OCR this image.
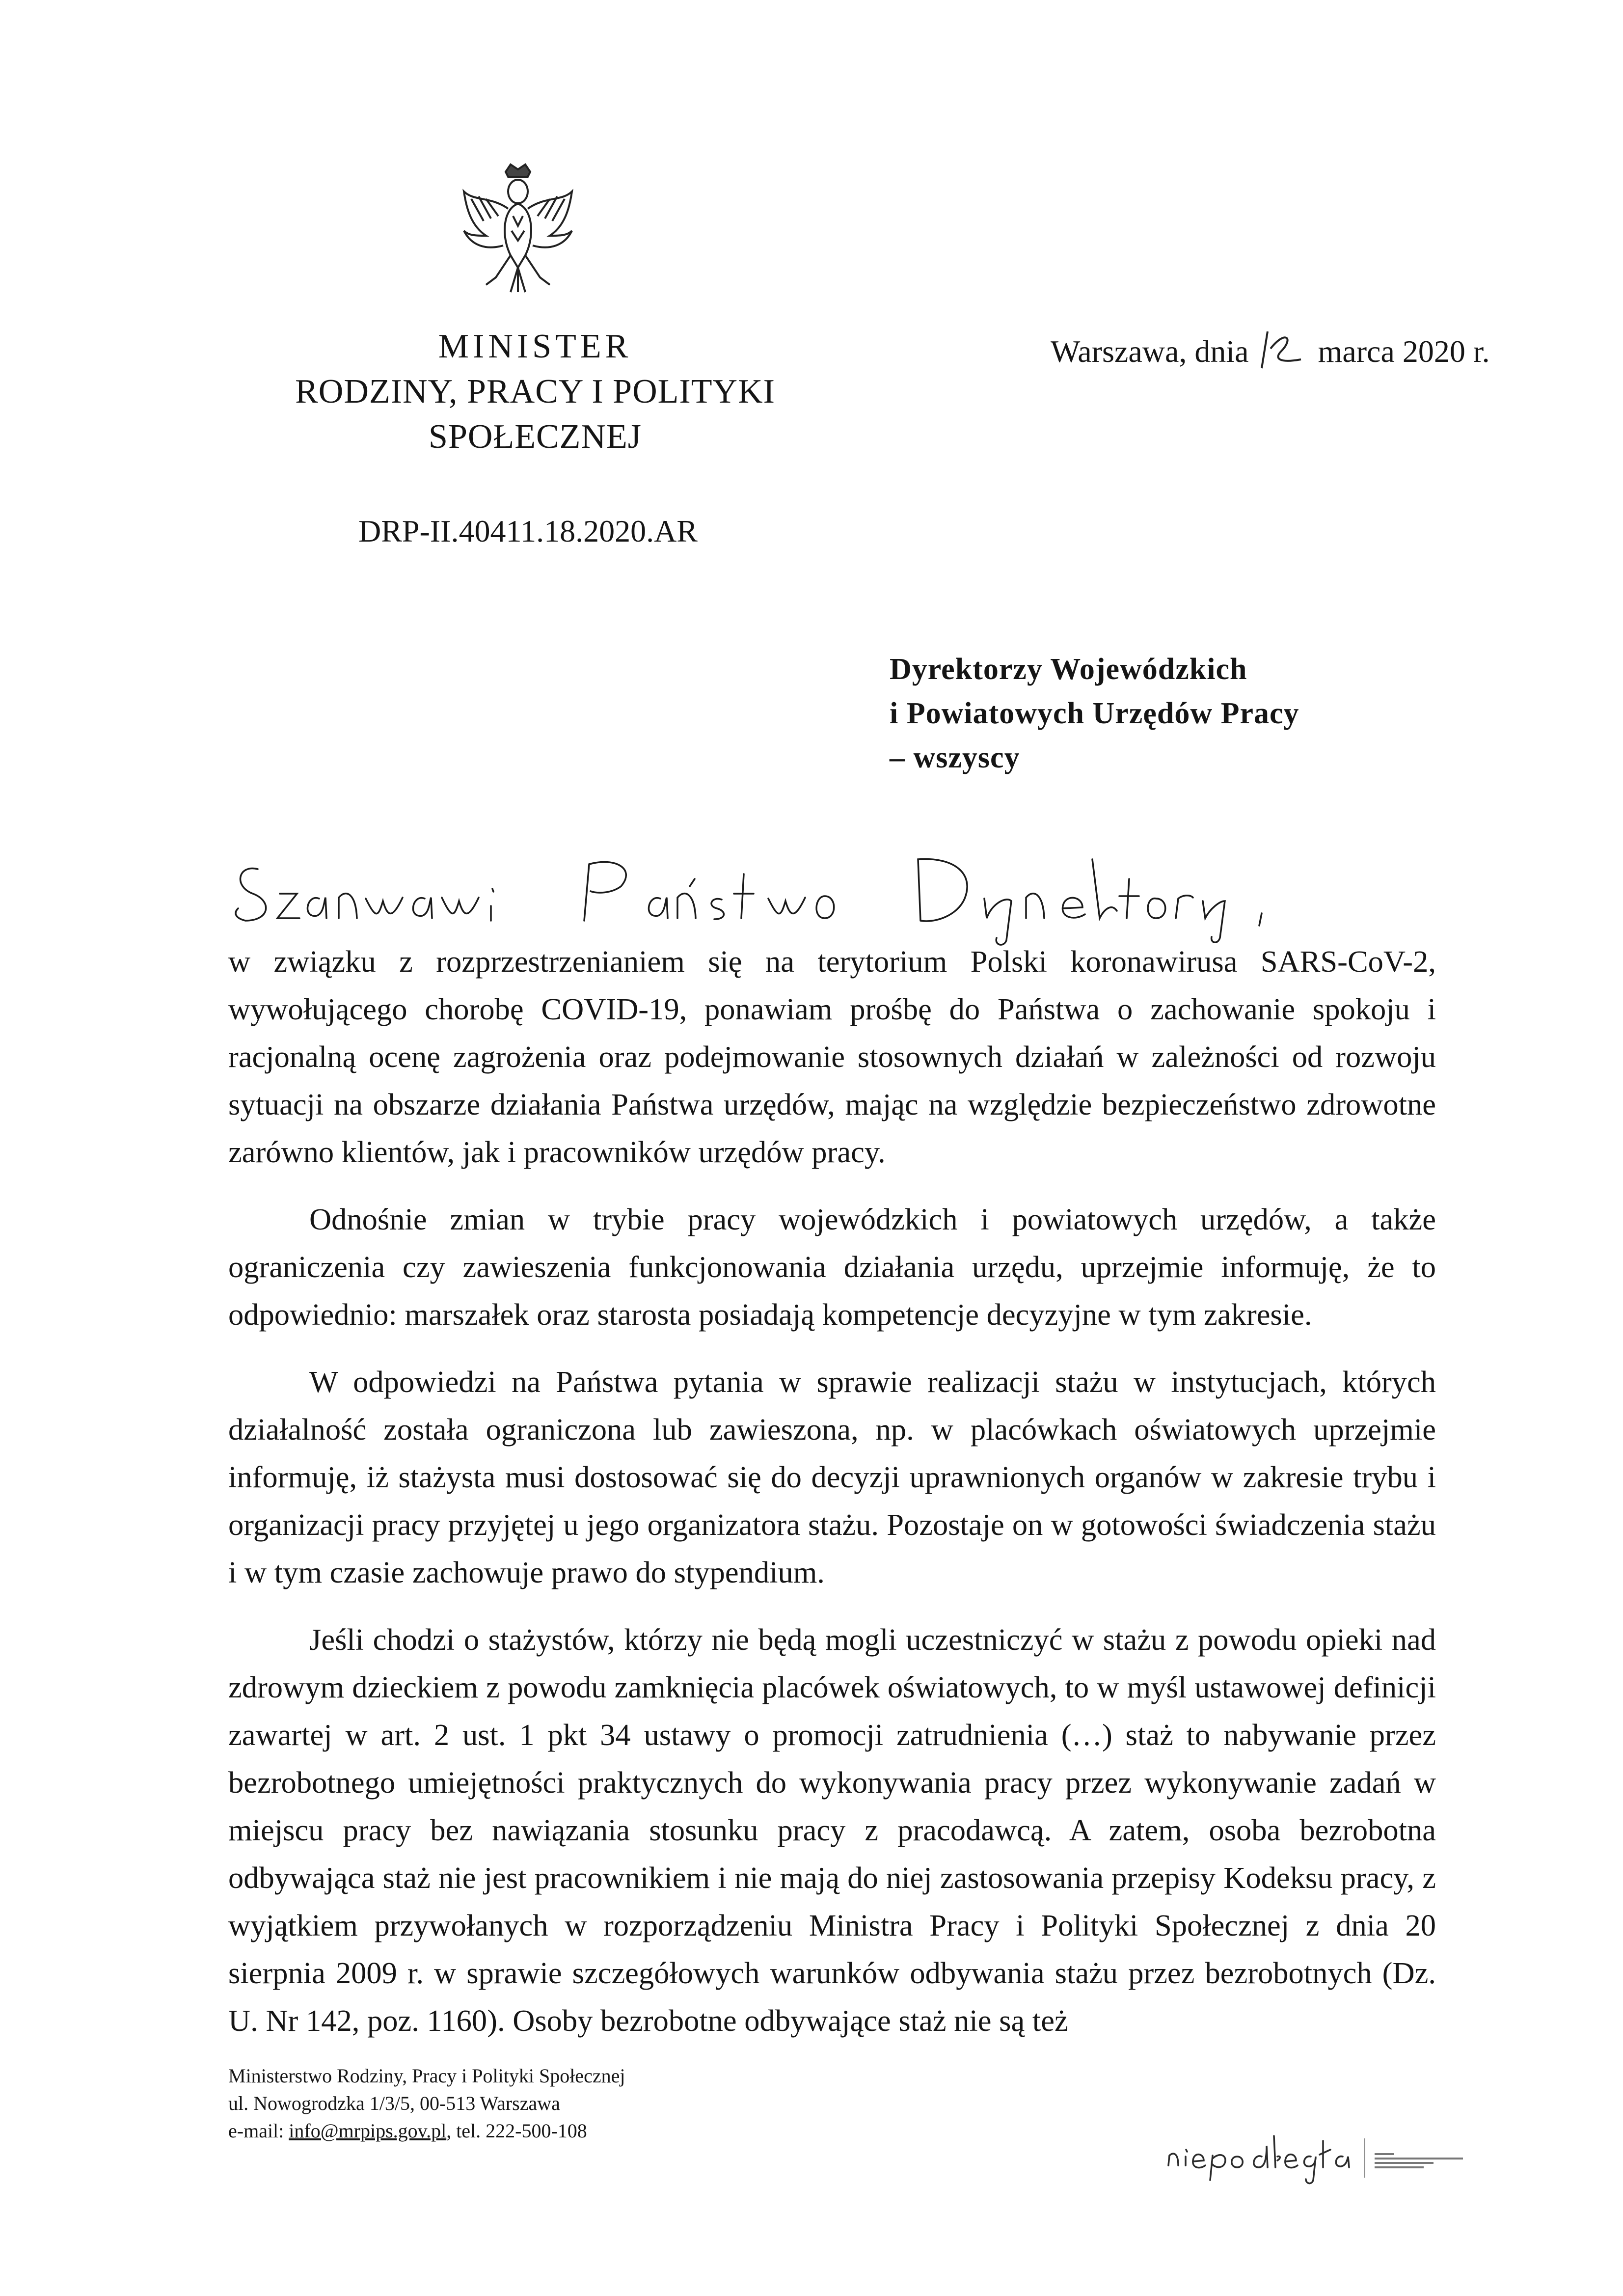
MINISTER
RODZINY, PRACY I POLITYKI
SPOŁECZNEJ
Warszawa, dnia marca 2020 r.
DRP-II.40411.18.2020.AR
Dyrektorzy Wojewódzkich
i Powiatowych Urzędów Pracy
– wszyscy

w związku z rozprzestrzenianiem się na terytorium Polski koronawirusa SARS-CoV-2, wywołującego chorobę COVID-19, ponawiam prośbę do Państwa o zachowanie spokoju i racjonalną ocenę zagrożenia oraz podejmowanie stosownych działań w zależności od rozwoju sytuacji na obszarze działania Państwa urzędów, mając na względzie bezpieczeństwo zdrowotne zarówno klientów, jak i pracowników urzędów pracy.

Odnośnie zmian w trybie pracy wojewódzkich i powiatowych urzędów, a także ograniczenia czy zawieszenia funkcjonowania działania urzędu, uprzejmie informuję, że to odpowiednio: marszałek oraz starosta posiadają kompetencje decyzyjne w tym zakresie.

W odpowiedzi na Państwa pytania w sprawie realizacji stażu w instytucjach, których działalność została ograniczona lub zawieszona, np. w placówkach oświatowych uprzejmie informuję, iż stażysta musi dostosować się do decyzji uprawnionych organów w zakresie trybu i organizacji pracy przyjętej u jego organizatora stażu. Pozostaje on w gotowości świadczenia stażu i w tym czasie zachowuje prawo do stypendium.

Jeśli chodzi o stażystów, którzy nie będą mogli uczestniczyć w stażu z powodu opieki nad zdrowym dzieckiem z powodu zamknięcia placówek oświatowych, to w myśl ustawowej definicji zawartej w art. 2 ust. 1 pkt 34 ustawy o promocji zatrudnienia (…) staż to nabywanie przez bezrobotnego umiejętności praktycznych do wykonywania pracy przez wykonywanie zadań w miejscu pracy bez nawiązania stosunku pracy z pracodawcą. A zatem, osoba bezrobotna odbywająca staż nie jest pracownikiem i nie mają do niej zastosowania przepisy Kodeksu pracy, z wyjątkiem przywołanych w rozporządzeniu Ministra Pracy i Polityki Społecznej z dnia 20 sierpnia 2009 r. w sprawie szczegółowych warunków odbywania stażu przez bezrobotnych (Dz. U. Nr 142, poz. 1160). Osoby bezrobotne odbywające staż nie są też

Ministerstwo Rodziny, Pracy i Polityki Społecznej
ul. Nowogrodzka 1/3/5, 00-513 Warszawa
e-mail: info@mrpips.gov.pl, tel. 222-500-108
